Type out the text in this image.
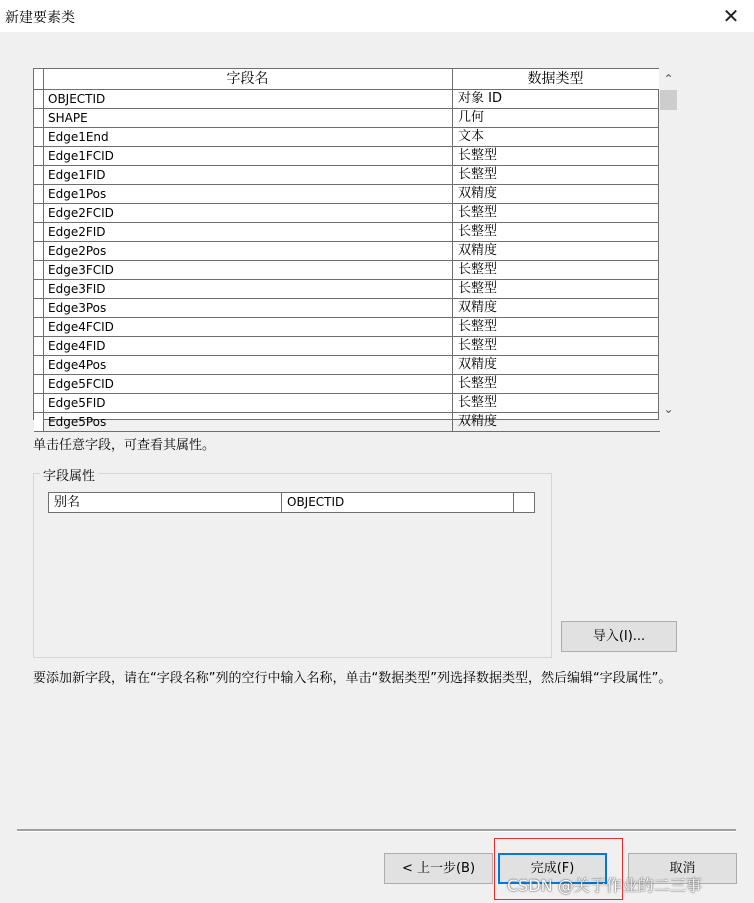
新建要素类	✕
字段名	数据类型
OBJECTID	对象 ID
SHAPE	几何
Edge1End	文本
Edge1FCID	长整型
Edge1FID	长整型
Edge1Pos	双精度
Edge2FCID	长整型
Edge2FID	长整型
Edge2Pos	双精度
Edge3FCID	长整型
Edge3FID	长整型
Edge3Pos	双精度
Edge4FCID	长整型
Edge4FID	长整型
Edge4Pos	双精度
Edge5FCID	长整型
Edge5FID	长整型
Edge5Pos	双精度
⌃
⌄
单击任意字段，可查看其属性。
字段属性
别名	OBJECTID
导入(I)...
要添加新字段，请在“字段名称”列的空行中输入名称，单击“数据类型”列选择数据类型，然后编辑“字段属性”。
< 上一步(B)	完成(F)	取消
CSDN @关于作业的二三事
